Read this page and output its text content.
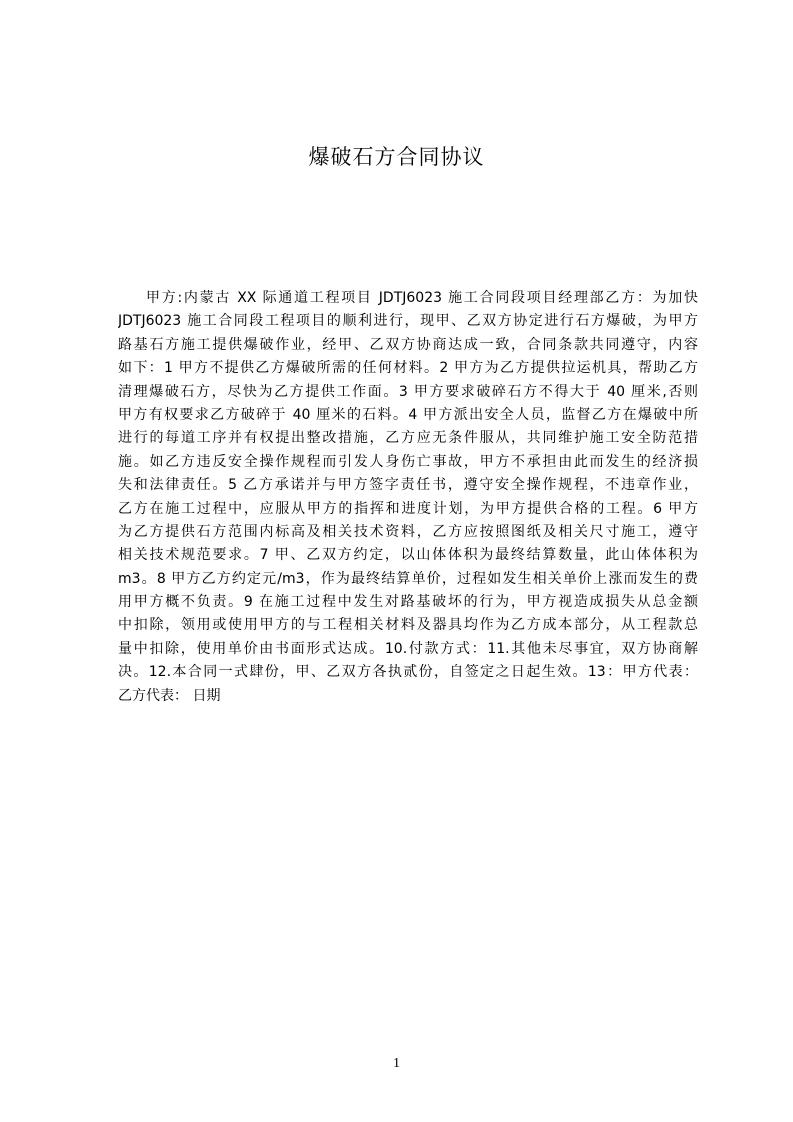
爆破石方合同协议
甲方:内蒙古 XX 际通道工程项目 JDTJ6023 施工合同段项目经理部乙方：为加快
JDTJ6023 施工合同段工程项目的顺利进行，现甲、乙双方协定进行石方爆破，为甲方
路基石方施工提供爆破作业，经甲、乙双方协商达成一致，合同条款共同遵守，内容
如下：1 甲方不提供乙方爆破所需的任何材料。2 甲方为乙方提供拉运机具，帮助乙方
清理爆破石方，尽快为乙方提供工作面。3 甲方要求破碎石方不得大于 40 厘米,否则
甲方有权要求乙方破碎于 40 厘米的石料。4 甲方派出安全人员，监督乙方在爆破中所
进行的每道工序并有权提出整改措施，乙方应无条件服从，共同维护施工安全防范措
施。如乙方违反安全操作规程而引发人身伤亡事故，甲方不承担由此而发生的经济损
失和法律责任。5 乙方承诺并与甲方签字责任书，遵守安全操作规程，不违章作业，
乙方在施工过程中，应服从甲方的指挥和进度计划，为甲方提供合格的工程。6 甲方
为乙方提供石方范围内标高及相关技术资料，乙方应按照图纸及相关尺寸施工，遵守
相关技术规范要求。7 甲、乙双方约定，以山体体积为最终结算数量，此山体体积为
m3。8 甲方乙方约定元/m3，作为最终结算单价，过程如发生相关单价上涨而发生的费
用甲方概不负责。9 在施工过程中发生对路基破坏的行为，甲方视造成损失从总金额
中扣除，领用或使用甲方的与工程相关材料及器具均作为乙方成本部分，从工程款总
量中扣除，使用单价由书面形式达成。10.付款方式：11.其他未尽事宜，双方协商解
决。12.本合同一式肆份，甲、乙双方各执贰份，自签定之日起生效。13：甲方代表：
乙方代表： 日期
1
